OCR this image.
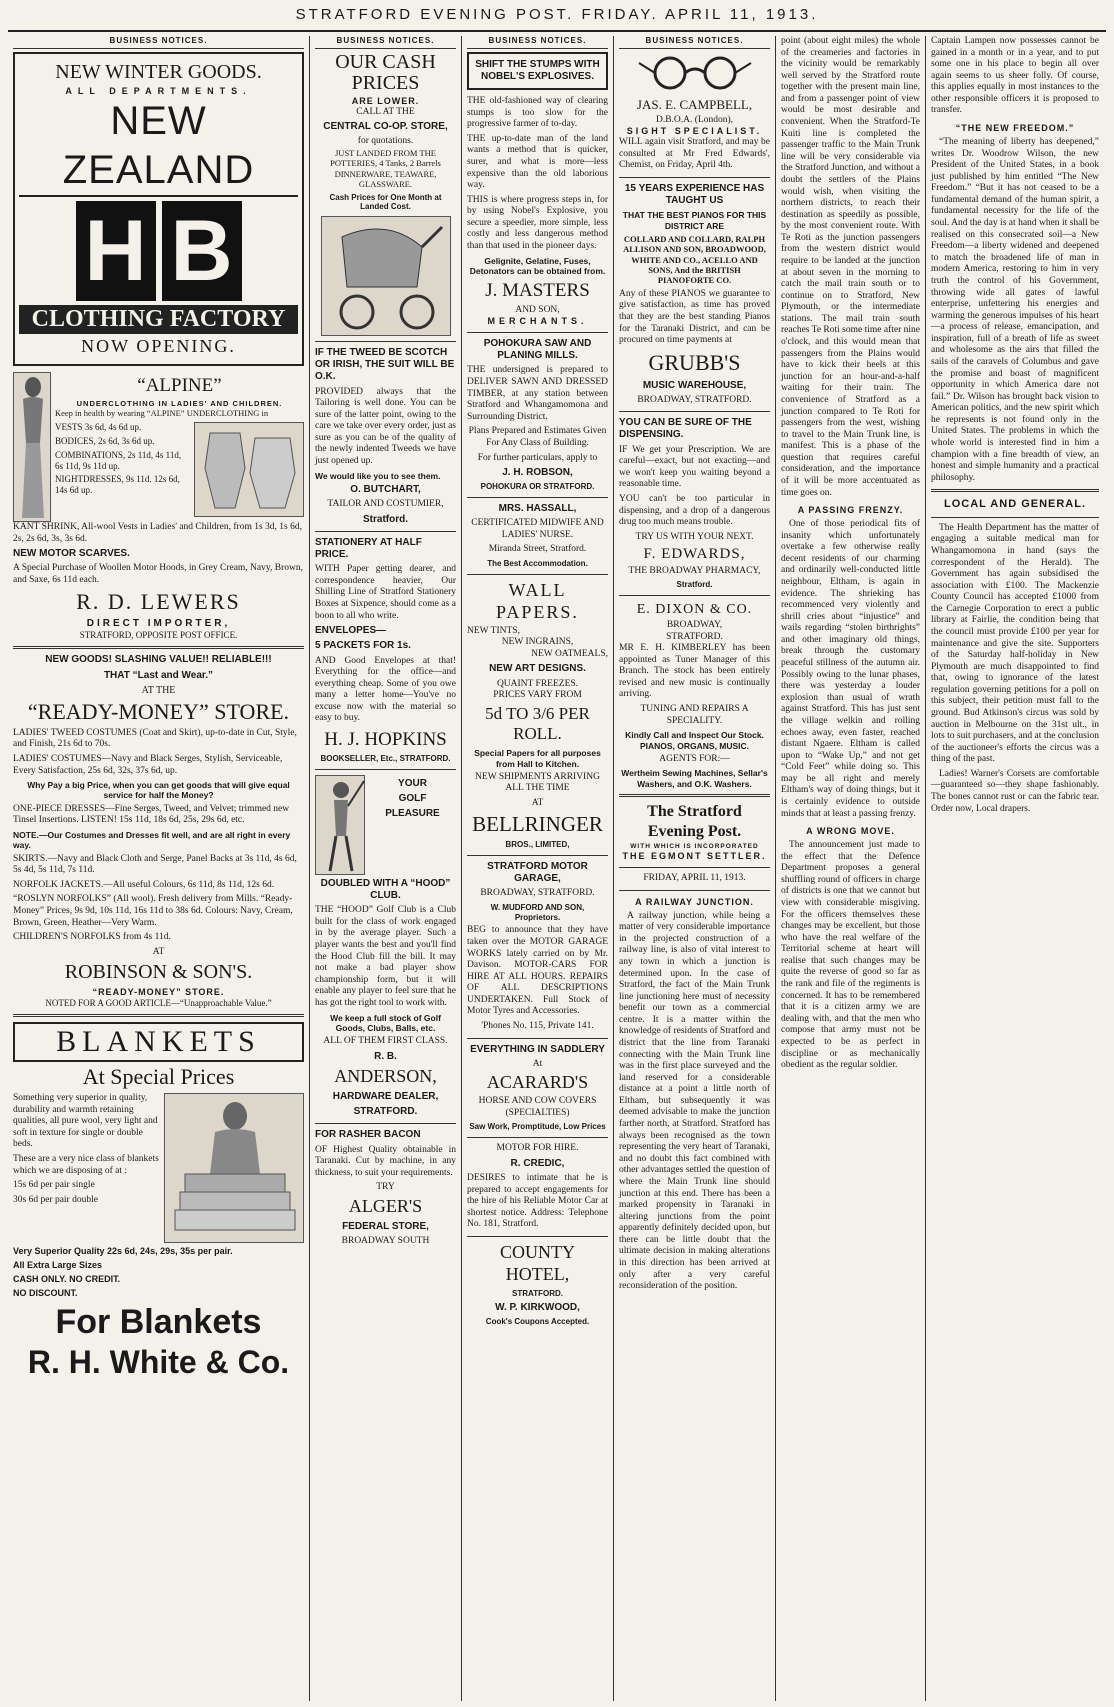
STRATFORD EVENING POST. FRIDAY. APRIL 11, 1913.
BUSINESS NOTICES.
NEW WINTER GOODS.
ALL DEPARTMENTS.
NEW ZEALAND
H B
CLOTHING FACTORY
NOW OPENING.
“ALPINE”
UNDERCLOTHING IN LADIES' AND CHILDREN.

Keep in health by wearing “ALPINE” UNDERCLOTHING in

VESTS 3s 6d, 4s 6d up.

BODICES, 2s 6d, 3s 6d up.

COMBINATIONS, 2s 11d, 4s 11d, 6s 11d, 9s 11d up.

NIGHTDRESSES, 9s 11d. 12s 6d, 14s 6d up.

KANT SHRINK, All-wool Vests in Ladies' and Children, from 1s 3d, 1s 6d, 2s, 2s 6d, 3s, 3s 6d.

NEW MOTOR SCARVES.

A Special Purchase of Woollen Motor Hoods, in Grey Cream, Navy, Brown, and Saxe, 6s 11d each.

R. D. LEWERS
DIRECT IMPORTER,
STRATFORD, OPPOSITE POST OFFICE.
NEW GOODS! SLASHING VALUE!! RELIABLE!!!
THAT “Last and Wear.”
AT THE
“READY-MONEY” STORE.

LADIES' TWEED COSTUMES (Coat and Skirt), up-to-date in Cut, Style, and Finish, 21s 6d to 70s.

LADIES' COSTUMES—Navy and Black Serges, Stylish, Serviceable, Every Satisfaction, 25s 6d, 32s, 37s 6d, up.

Why Pay a big Price, when you can get goods that will give equal service for half the Money?

ONE-PIECE DRESSES—Fine Serges, Tweed, and Velvet; trimmed new Tinsel Insertions. LISTEN! 15s 11d, 18s 6d, 25s, 29s 6d, etc.

NOTE.—Our Costumes and Dresses fit well, and are all right in every way.

SKIRTS.—Navy and Black Cloth and Serge, Panel Backs at 3s 11d, 4s 6d, 5s 4d, 5s 11d, 7s 11d.

NORFOLK JACKETS.—All useful Colours, 6s 11d, 8s 11d, 12s 6d.

“ROSLYN NORFOLKS” (All wool). Fresh delivery from Mills. “Ready-Money” Prices, 9s 9d, 10s 11d, 16s 11d to 38s 6d. Colours: Navy, Cream, Brown, Green, Heather—Very Warm.

CHILDREN'S NORFOLKS from 4s 11d.

AT
ROBINSON & SON'S.
“READY-MONEY” STORE.
NOTED FOR A GOOD ARTICLE—“Unapproachable Value.”
BLANKETS
At Special Prices

Something very superior in quality, durability and warmth retaining qualities, all pure wool, very light and soft in texture for single or double beds.

These are a very nice class of blankets which we are disposing of at :

15s 6d per pair single

30s 6d per pair double

Very Superior Quality 22s 6d, 24s, 29s, 35s per pair.

All Extra Large Sizes

CASH ONLY. NO CREDIT.

NO DISCOUNT.

For Blankets
R. H. White & Co.
BUSINESS NOTICES.
OUR CASH PRICES
ARE LOWER.
CALL AT THE
CENTRAL CO-OP. STORE,
for quotations.

JUST LANDED FROM THE POTTERIES, 4 Tanks, 2 Barrels DINNERWARE, TEAWARE, GLASSWARE.

Cash Prices for One Month at Landed Cost.

IF THE TWEED BE SCOTCH OR IRISH, THE SUIT WILL BE O.K.

PROVIDED always that the Tailoring is well done. You can be sure of the latter point, owing to the care we take over every order, just as sure as you can be of the quality of the newly indented Tweeds we have just opened up.

We would like you to see them.

O. BUTCHART,
TAILOR AND COSTUMIER,
Stratford.
STATIONERY AT HALF PRICE.

WITH Paper getting dearer, and correspondence heavier, Our Shilling Line of Stratford Stationery Boxes at Sixpence, should come as a boon to all who write.

ENVELOPES—
5 PACKETS FOR 1s.

AND Good Envelopes at that! Everything for the office—and everything cheap. Some of you owe many a letter home—You've no excuse now with the material so easy to buy.

H. J. HOPKINS
BOOKSELLER, Etc., STRATFORD.
YOUR
GOLF
PLEASURE
DOUBLED WITH A “HOOD” CLUB.

THE “HOOD” Golf Club is a Club built for the class of work engaged in by the average player. Such a player wants the best and you'll find the Hood Club fill the bill. It may not make a bad player show championship form, but it will enable any player to feel sure that he has got the right tool to work with.

We keep a full stock of Golf Goods, Clubs, Balls, etc.

ALL OF THEM FIRST CLASS.
R. B.
ANDERSON,
HARDWARE DEALER,
STRATFORD.
FOR RASHER BACON

OF Highest Quality obtainable in Taranaki. Cut by machine, in any thickness, to suit your requirements.

TRY
ALGER'S
FEDERAL STORE,
BROADWAY SOUTH
BUSINESS NOTICES.
SHIFT THE STUMPS WITH NOBEL'S EXPLOSIVES.

THE old-fashioned way of clearing stumps is too slow for the progressive farmer of to-day.

THE up-to-date man of the land wants a method that is quicker, surer, and what is more—less expensive than the old laborious way.

THIS is where progress steps in, for by using Nobel's Explosive, you secure a speedier, more simple, less costly and less dangerous method than that used in the pioneer days.

Gelignite, Gelatine, Fuses, Detonators can be obtained from.

J. MASTERS
AND SON,
MERCHANTS.
POHOKURA SAW AND PLANING MILLS.

THE undersigned is prepared to DELIVER SAWN AND DRESSED TIMBER, at any station between Stratford and Whangamomona and Surrounding District.

Plans Prepared and Estimates Given For Any Class of Building.

For further particulars, apply to

J. H. ROBSON,
POHOKURA OR STRATFORD.
MRS. HASSALL,

CERTIFICATED MIDWIFE AND LADIES' NURSE.

Miranda Street, Stratford.
The Best Accommodation.
WALL PAPERS.
NEW TINTS,
NEW INGRAINS,
NEW OATMEALS,
NEW ART DESIGNS.
QUAINT FREEZES.
PRICES VARY FROM
5d TO 3/6 PER ROLL.

Special Papers for all purposes from Hall to Kitchen.

NEW SHIPMENTS ARRIVING ALL THE TIME

AT
BELLRINGER
BROS., LIMITED,
STRATFORD MOTOR GARAGE,
BROADWAY, STRATFORD.
W. MUDFORD AND SON, Proprietors.

BEG to announce that they have taken over the MOTOR GARAGE WORKS lately carried on by Mr. Davison. MOTOR-CARS FOR HIRE AT ALL HOURS. REPAIRS OF ALL DESCRIPTIONS UNDERTAKEN. Full Stock of Motor Tyres and Accessories.

'Phones No. 115, Private 141.
EVERYTHING IN SADDLERY
At
ACARARD'S
HORSE AND COW COVERS (SPECIALTIES)
Saw Work, Promptitude, Low Prices
MOTOR FOR HIRE.
R. CREDIC,

DESIRES to intimate that he is prepared to accept engagements for the hire of his Reliable Motor Car at shortest notice. Address: Telephone No. 181, Stratford.

COUNTY HOTEL,
STRATFORD.
W. P. KIRKWOOD,
Cook's Coupons Accepted.
BUSINESS NOTICES.
JAS. E. CAMPBELL,
D.B.O.A. (London),
SIGHT SPECIALIST.

WILL again visit Stratford, and may be consulted at Mr Fred Edwards', Chemist, on Friday, April 4th.

15 YEARS EXPERIENCE HAS TAUGHT US
THAT THE BEST PIANOS FOR THIS DISTRICT ARE

COLLARD AND COLLARD, RALPH ALLISON AND SON, BROADWOOD, WHITE AND CO., ACELLO AND SONS, And the BRITISH PIANOFORTE CO.

Any of these PIANOS we guarantee to give satisfaction, as time has proved that they are the best standing Pianos for the Taranaki District, and can be procured on time payments at

GRUBB'S
MUSIC WAREHOUSE,
BROADWAY, STRATFORD.
YOU CAN BE SURE OF THE DISPENSING.

IF We get your Prescription. We are careful—exact, but not exacting—and we won't keep you waiting beyond a reasonable time.

YOU can't be too particular in dispensing, and a drop of a dangerous drug too much means trouble.

TRY US WITH YOUR NEXT.
F. EDWARDS,
THE BROADWAY PHARMACY,
Stratford.
E. DIXON & CO.
BROADWAY,
STRATFORD.

MR E. H. KIMBERLEY has been appointed as Tuner Manager of this Branch. The stock has been entirely revised and new music is continually arriving.

TUNING AND REPAIRS A SPECIALITY.
Kindly Call and Inspect Our Stock. PIANOS, ORGANS, MUSIC.
AGENTS FOR:—
Wertheim Sewing Machines, Sellar's Washers, and O.K. Washers.
The Stratford Evening Post.
WITH WHICH IS INCORPORATED
THE EGMONT SETTLER.
FRIDAY, APRIL 11, 1913.
A RAILWAY JUNCTION.

A railway junction, while being a matter of very considerable importance in the projected construction of a railway line, is also of vital interest to any town in which a junction is determined upon. In the case of Stratford, the fact of the Main Trunk line junctioning here must of necessity benefit our town as a commercial centre. It is a matter within the knowledge of residents of Stratford and district that the line from Taranaki connecting with the Main Trunk line was in the first place surveyed and the land reserved for a considerable distance at a point a little north of Eltham, but subsequently it was deemed advisable to make the junction farther north, at Stratford. Stratford has always been recognised as the town representing the very heart of Taranaki, and no doubt this fact combined with other advantages settled the question of where the Main Trunk line should junction at this end. There has been a marked propensity in Taranaki in altering junctions from the point apparently definitely decided upon, but there can be little doubt that the ultimate decision in making alterations in this direction has been arrived at only after a very careful reconsideration of the position.

point (about eight miles) the whole of the creameries and factories in the vicinity would be remarkably well served by the Stratford route together with the present main line, and from a passenger point of view would be most desirable and convenient. When the Stratford-Te Kuiti line is completed the passenger traffic to the Main Trunk line will be very considerable via the Stratford Junction, and without a doubt the settlers of the Plains would wish, when visiting the northern districts, to reach their destination as speedily as possible, by the most convenient route. With Te Roti as the junction passengers from the western district would require to be landed at the junction at about seven in the morning to catch the mail train south or to continue on to Stratford, New Plymouth, or the intermediate stations. The mail train south reaches Te Roti some time after nine o'clock, and this would mean that passengers from the Plains would have to kick their heels at this junction for an hour-and-a-half waiting for their train. The convenience of Stratford as a junction compared to Te Roti for passengers from the west, wishing to travel to the Main Trunk line, is manifest. This is a phase of the question that requires careful consideration, and the importance of it will be more accentuated as time goes on.

A PASSING FRENZY.

One of those periodical fits of insanity which unfortunately overtake a few otherwise really decent residents of our charming and ordinarily well-conducted little neighbour, Eltham, is again in evidence. The shrieking has recommenced very violently and shrill cries about “injustice” and wails regarding “stolen birthrights” and other imaginary old things, break through the customary peaceful stillness of the autumn air. Possibly owing to the lunar phases, there was yesterday a louder explosion than usual of wrath against Stratford. This has just sent the village welkin and rolling echoes away, even faster, reached distant Ngaere. Eltham is called upon to “Wake Up,” and not get “Cold Feet” while doing so. This may be all right and merely Eltham's way of doing things, but it is certainly evidence to outside minds that at least a passing frenzy.

A WRONG MOVE.

The announcement just made to the effect that the Defence Department proposes a general shuffling round of officers in charge of districts is one that we cannot but view with considerable misgiving. For the officers themselves these changes may be excellent, but those who have the real welfare of the Territorial scheme at heart will realise that such changes may be quite the reverse of good so far as the rank and file of the regiments is concerned. It has to be remembered that it is a citizen army we are dealing with, and that the men who compose that army must not be expected to be as perfect in discipline or as mechanically obedient as the regular soldier.

Captain Lampen now possesses cannot be gained in a month or in a year, and to put some one in his place to begin all over again seems to us sheer folly. Of course, this applies equally in most instances to the other responsible officers it is proposed to transfer.

“THE NEW FREEDOM.”

“The meaning of liberty has deepened,” writes Dr. Woodrow Wilson, the new President of the United States, in a book just published by him entitled “The New Freedom.” “But it has not ceased to be a fundamental demand of the human spirit, a fundamental necessity for the life of the soul. And the day is at hand when it shall be realised on this consecrated soil—a New Freedom—a liberty widened and deepened to match the broadened life of man in modern America, restoring to him in very truth the control of his Government, throwing wide all gates of lawful enterprise, unfettering his energies and warming the generous impulses of his heart—a process of release, emancipation, and inspiration, full of a breath of life as sweet and wholesome as the airs that filled the sails of the caravels of Columbus and gave the promise and boast of magnificent opportunity in which America dare not fail.” Dr. Wilson has brought back vision to American politics, and the new spirit which he represents is not found only in the United States. The problems in which the whole world is interested find in him a champion with a fine breadth of view, an honest and simple humanity and a practical philosophy.

LOCAL AND GENERAL.

The Health Department has the matter of engaging a suitable medical man for Whangamomona in hand (says the correspondent of the Herald). The Government has again subsidised the association with £100. The Mackenzie County Council has accepted £1000 from the Carnegie Corporation to erect a public library at Fairlie, the condition being that the council must provide £100 per year for maintenance and give the site. Supporters of the Saturday half-holiday in New Plymouth are much disappointed to find that, owing to ignorance of the latest regulation governing petitions for a poll on this subject, their petition must fall to the ground. Bud Atkinson's circus was sold by auction in Melbourne on the 31st ult., in lots to suit purchasers, and at the conclusion of the auctioneer's efforts the circus was a thing of the past.

Ladies! Warner's Corsets are comfortable—guaranteed so—they shape fashionably. The bones cannot rust or can the fabric tear. Order now, Local drapers.
